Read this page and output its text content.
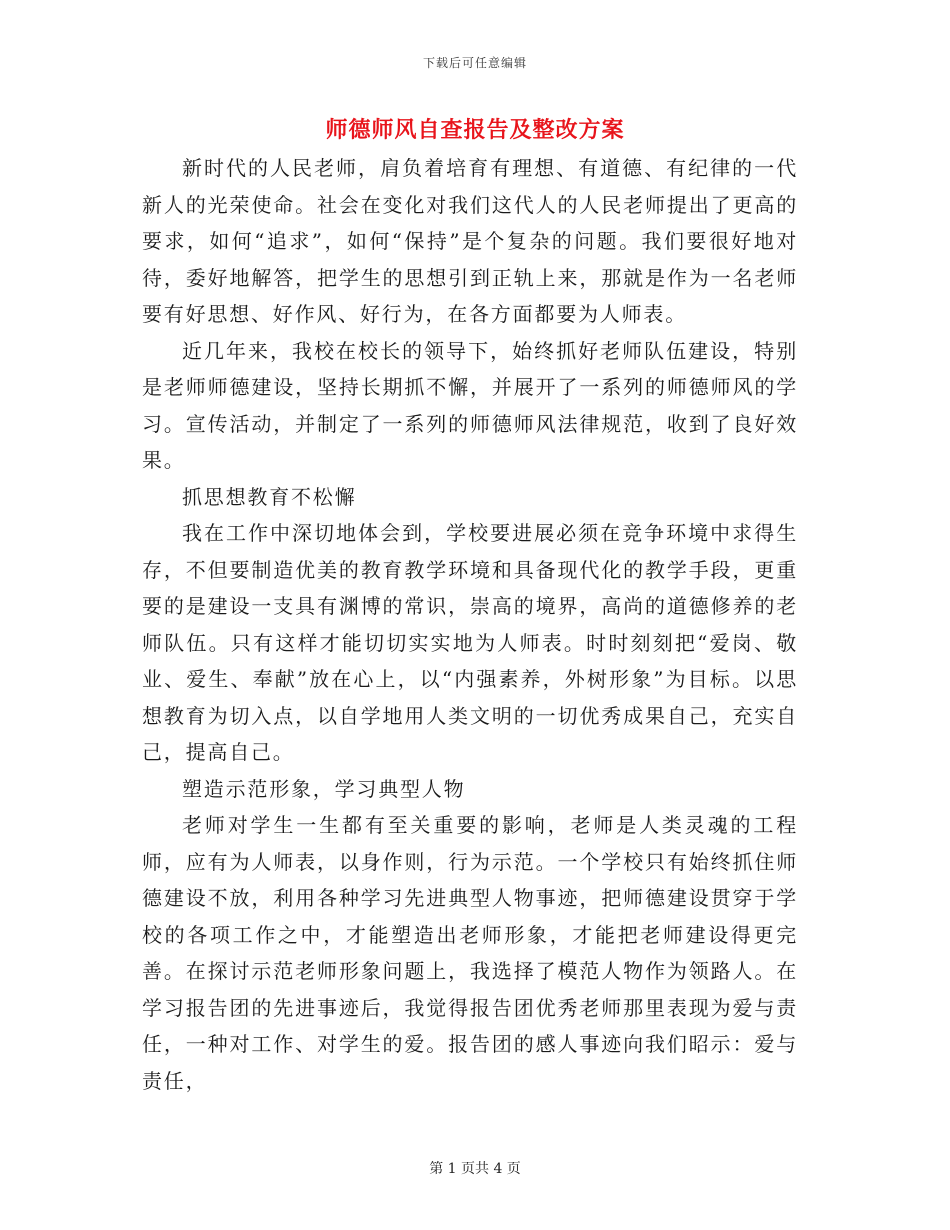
下载后可任意编辑
师德师风自查报告及整改方案

新时代的人民老师，肩负着培育有理想、有道德、有纪律的一代新人的光荣使命。社会在变化对我们这代人的人民老师提出了更高的要求，如何“追求”，如何“保持”是个复杂的问题。我们要很好地对待，委好地解答，把学生的思想引到正轨上来，那就是作为一名老师要有好思想、好作风、好行为，在各方面都要为人师表。

近几年来，我校在校长的领导下，始终抓好老师队伍建设，特别是老师师德建设，坚持长期抓不懈，并展开了一系列的师德师风的学习。宣传活动，并制定了一系列的师德师风法律规范，收到了良好效果。

抓思想教育不松懈

我在工作中深切地体会到，学校要进展必须在竞争环境中求得生存，不但要制造优美的教育教学环境和具备现代化的教学手段，更重要的是建设一支具有渊博的常识，崇高的境界，高尚的道德修养的老师队伍。只有这样才能切切实实地为人师表。时时刻刻把“爱岗、敬业、爱生、奉献”放在心上，以“内强素养，外树形象”为目标。以思想教育为切入点，以自学地用人类文明的一切优秀成果自己，充实自己，提高自己。

塑造示范形象，学习典型人物

老师对学生一生都有至关重要的影响，老师是人类灵魂的工程师，应有为人师表，以身作则，行为示范。一个学校只有始终抓住师德建设不放，利用各种学习先进典型人物事迹，把师德建设贯穿于学校的各项工作之中，才能塑造出老师形象，才能把老师建设得更完善。在探讨示范老师形象问题上，我选择了模范人物作为领路人。在学习报告团的先进事迹后，我觉得报告团优秀老师那里表现为爱与责任，一种对工作、对学生的爱。报告团的感人事迹向我们昭示：爱与责任，

第 1 页共 4 页
